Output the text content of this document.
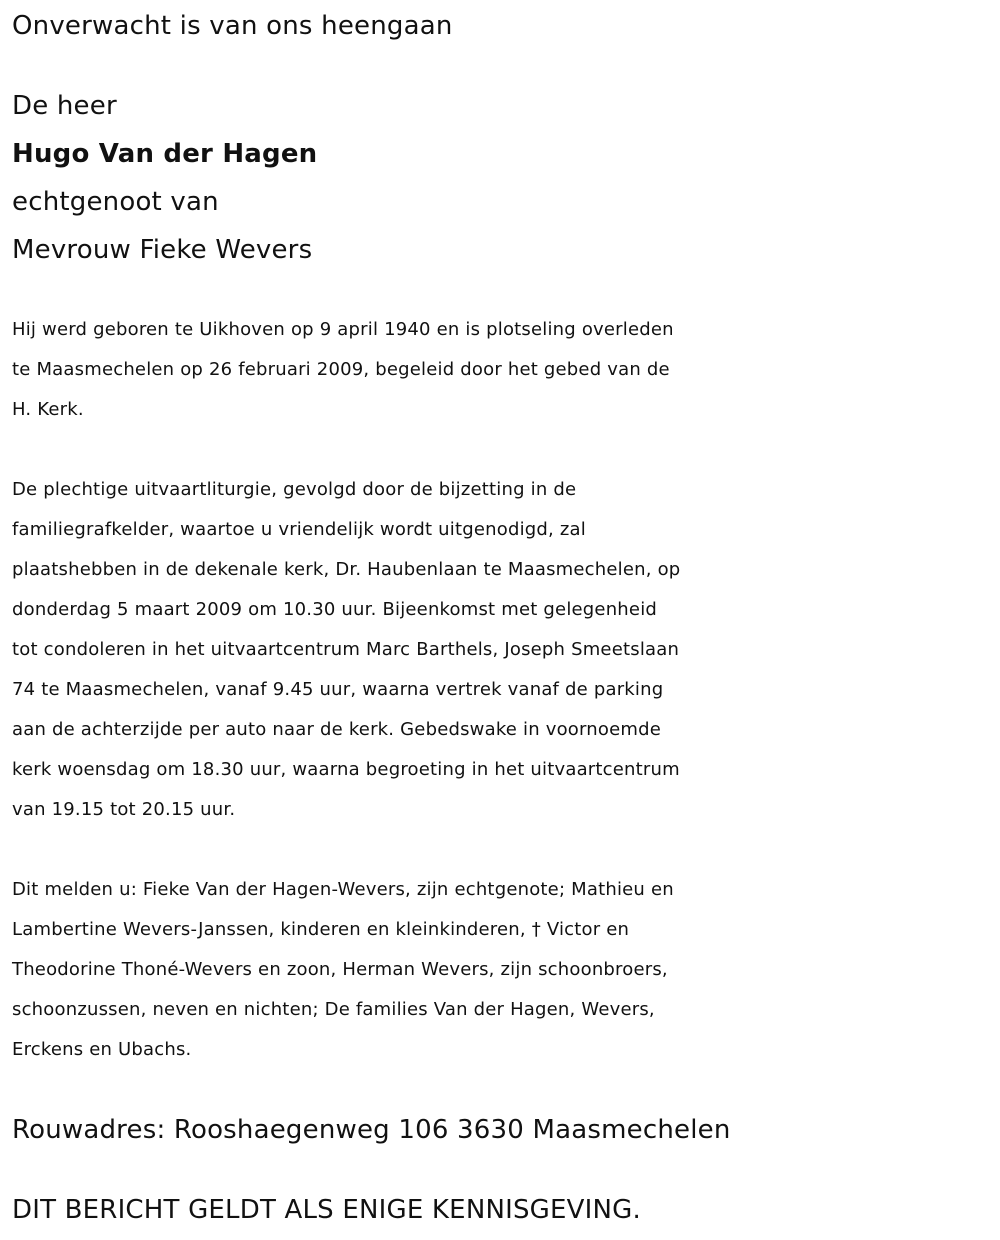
Onverwacht is van ons heengaan
De heer
Hugo Van der Hagen
echtgenoot van
Mevrouw Fieke Wevers

Hij werd geboren te Uikhoven op 9 april 1940 en is plotseling overleden

te Maasmechelen op 26 februari 2009, begeleid door het gebed van de

H. Kerk.

De plechtige uitvaartliturgie, gevolgd door de bijzetting in de

familiegrafkelder, waartoe u vriendelijk wordt uitgenodigd, zal

plaatshebben in de dekenale kerk, Dr. Haubenlaan te Maasmechelen, op

donderdag 5 maart 2009 om 10.30 uur. Bijeenkomst met gelegenheid

tot condoleren in het uitvaartcentrum Marc Barthels, Joseph Smeetslaan

74 te Maasmechelen, vanaf 9.45 uur, waarna vertrek vanaf de parking

aan de achterzijde per auto naar de kerk. Gebedswake in voornoemde

kerk woensdag om 18.30 uur, waarna begroeting in het uitvaartcentrum

van 19.15 tot 20.15 uur.

Dit melden u: Fieke Van der Hagen-Wevers, zijn echtgenote; Mathieu en

Lambertine Wevers-Janssen, kinderen en kleinkinderen, † Victor en

Theodorine Thoné-Wevers en zoon, Herman Wevers, zijn schoonbroers,

schoonzussen, neven en nichten; De families Van der Hagen, Wevers,

Erckens en Ubachs.

Rouwadres: Rooshaegenweg 106 3630 Maasmechelen
DIT BERICHT GELDT ALS ENIGE KENNISGEVING.
